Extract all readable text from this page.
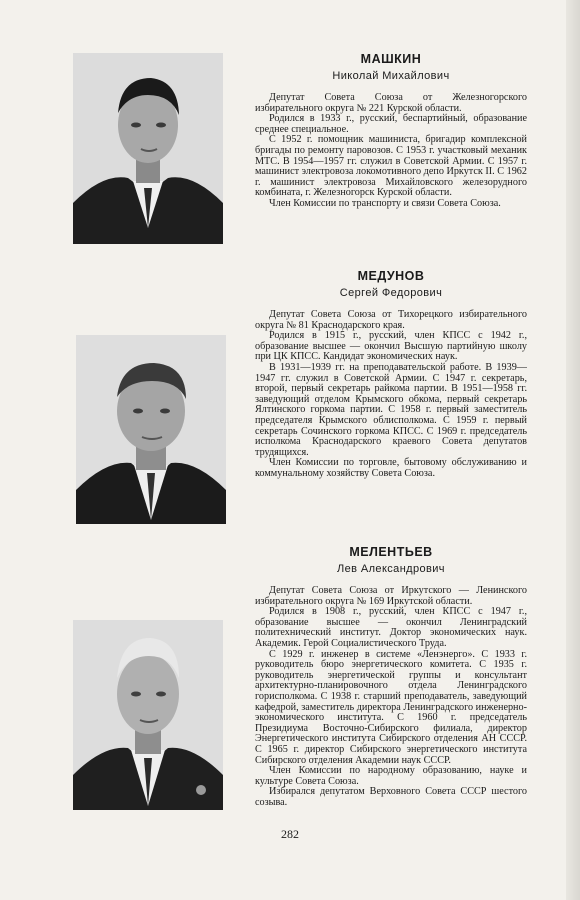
МАШКИН
Николай Михайлович

Депутат Совета Союза от Железногорского избирательного округа № 221 Курской области.

Родился в 1933 г., русский, беспартийный, образование среднее специальное.

С 1952 г. помощник машиниста, бригадир комплексной бригады по ремонту паровозов. С 1953 г. участковый механик МТС. В 1954—1957 гг. служил в Советской Армии. С 1957 г. машинист электровоза локомотивного депо Иркутск II. С 1962 г. машинист электровоза Михайловского железорудного комбината, г. Железногорск Курской области.

Член Комиссии по транспорту и связи Совета Союза.

МЕДУНОВ
Сергей Федорович

Депутат Совета Союза от Тихорецкого избирательного округа № 81 Краснодарского края.

Родился в 1915 г., русский, член КПСС с 1942 г., образование высшее — окончил Высшую партийную школу при ЦК КПСС. Кандидат экономических наук.

В 1931—1939 гг. на преподавательской работе. В 1939—1947 гг. служил в Советской Армии. С 1947 г. секретарь, второй, первый секретарь райкома партии. В 1951—1958 гг. заведующий отделом Крымского обкома, первый секретарь Ялтинского горкома партии. С 1958 г. первый заместитель председателя Крымского облисполкома. С 1959 г. первый секретарь Сочинского горкома КПСС. С 1969 г. председатель исполкома Краснодарского краевого Совета депутатов трудящихся.

Член Комиссии по торговле, бытовому обслуживанию и коммунальному хозяйству Совета Союза.

МЕЛЕНТЬЕВ
Лев Александрович

Депутат Совета Союза от Иркутского — Ленинского избирательного округа № 169 Иркутской области.

Родился в 1908 г., русский, член КПСС с 1947 г., образование высшее — окончил Ленинградский политехнический институт. Доктор экономических наук. Академик. Герой Социалистического Труда.

С 1929 г. инженер в системе «Ленэнерго». С 1933 г. руководитель бюро энергетического комитета. С 1935 г. руководитель энергетической группы и консультант архитектурно-планировочного отдела Ленинградского горисполкома. С 1938 г. старший преподаватель, заведующий кафедрой, заместитель директора Ленинградского инженерно-экономического института. С 1960 г. председатель Президиума Восточно-Сибирского филиала, директор Энергетического института Сибирского отделения АН СССР. С 1965 г. директор Сибирского энергетического института Сибирского отделения Академии наук СССР.

Член Комиссии по народному образованию, науке и культуре Совета Союза.

Избирался депутатом Верховного Совета СССР шестого созыва.

282
